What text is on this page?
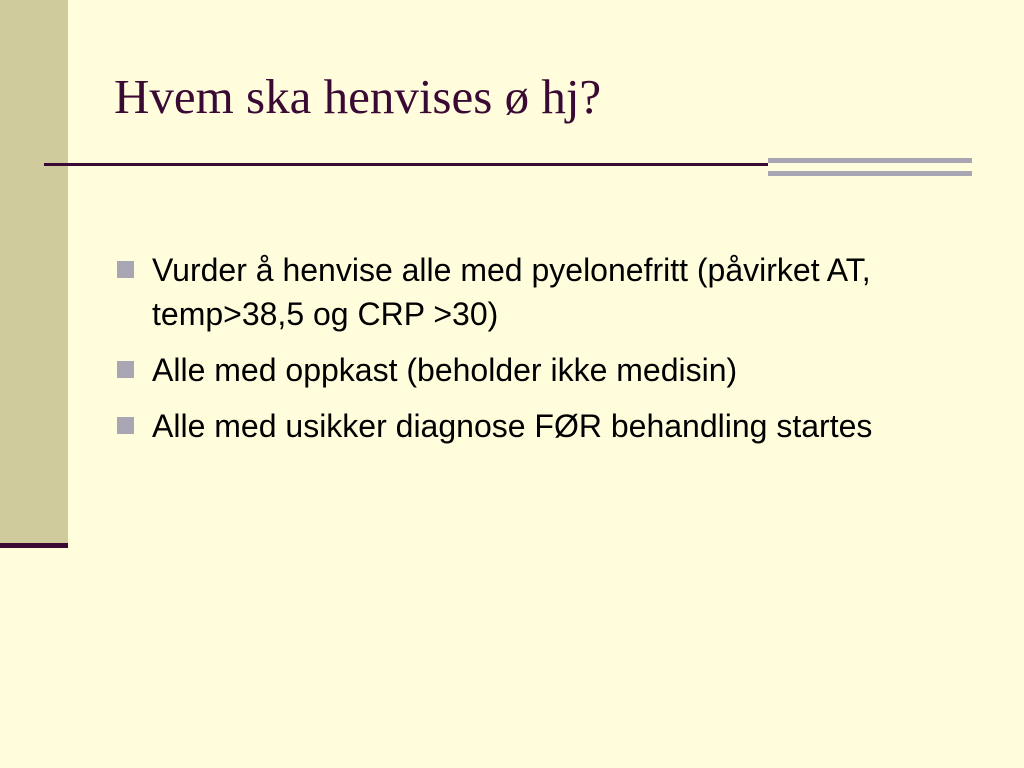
Hvem ska henvises ø hj?
Vurder å henvise alle med pyelonefritt (påvirket AT, temp>38,5 og CRP >30)
Alle med oppkast (beholder ikke medisin)
Alle med usikker diagnose FØR behandling startes
